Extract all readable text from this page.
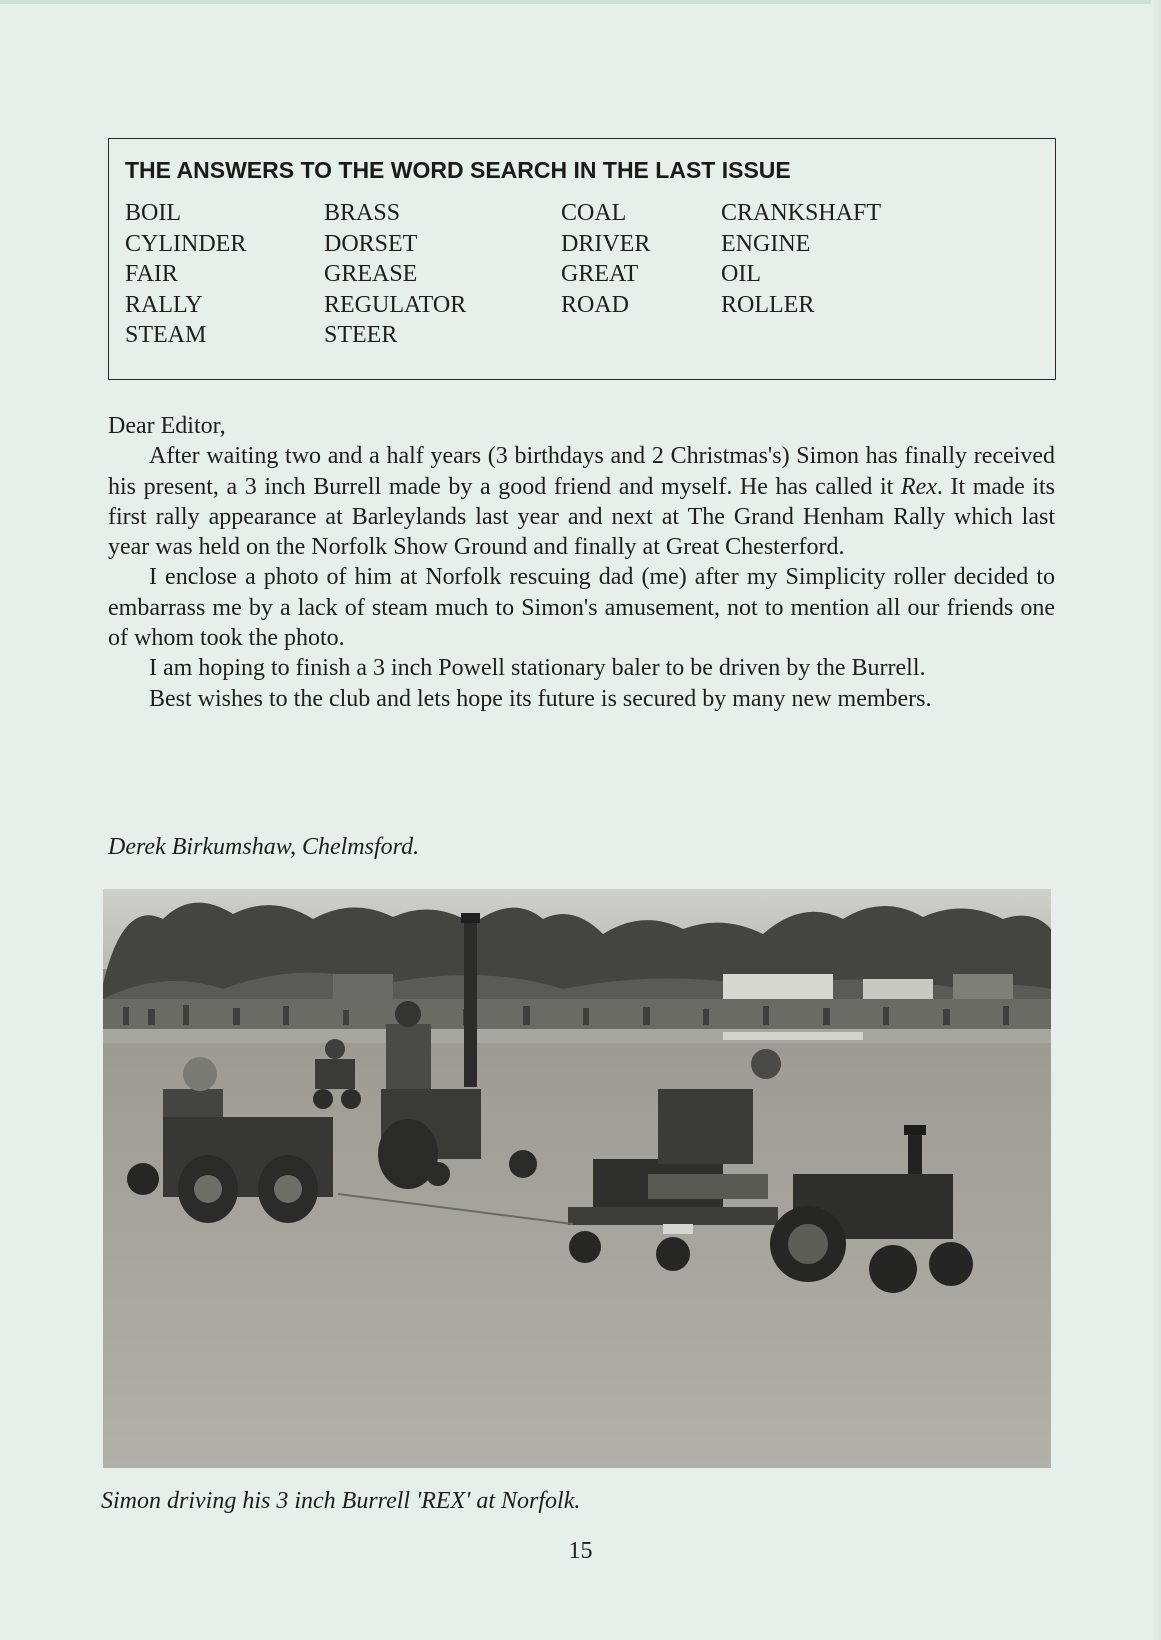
THE ANSWERS TO THE WORD SEARCH IN THE LAST ISSUE
BOIL
CYLINDER
FAIR
RALLY
STEAM
BRASS
DORSET
GREASE
REGULATOR
STEER
COAL
DRIVER
GREAT
ROAD
CRANKSHAFT
ENGINE
OIL
ROLLER

Dear Editor,

After waiting two and a half years (3 birthdays and 2 Christmas's) Simon has finally received his present, a 3 inch Burrell made by a good friend and myself. He has called it Rex. It made its first rally appearance at Barleylands last year and next at The Grand Henham Rally which last year was held on the Norfolk Show Ground and finally at Great Chesterford.

I enclose a photo of him at Norfolk rescuing dad (me) after my Simplicity roller decided to embarrass me by a lack of steam much to Simon's amusement, not to mention all our friends one of whom took the photo.

I am hoping to finish a 3 inch Powell stationary baler to be driven by the Burrell.

Best wishes to the club and lets hope its future is secured by many new members.

Derek Birkumshaw, Chelmsford.
Simon driving his 3 inch Burrell 'REX' at Norfolk.
15
